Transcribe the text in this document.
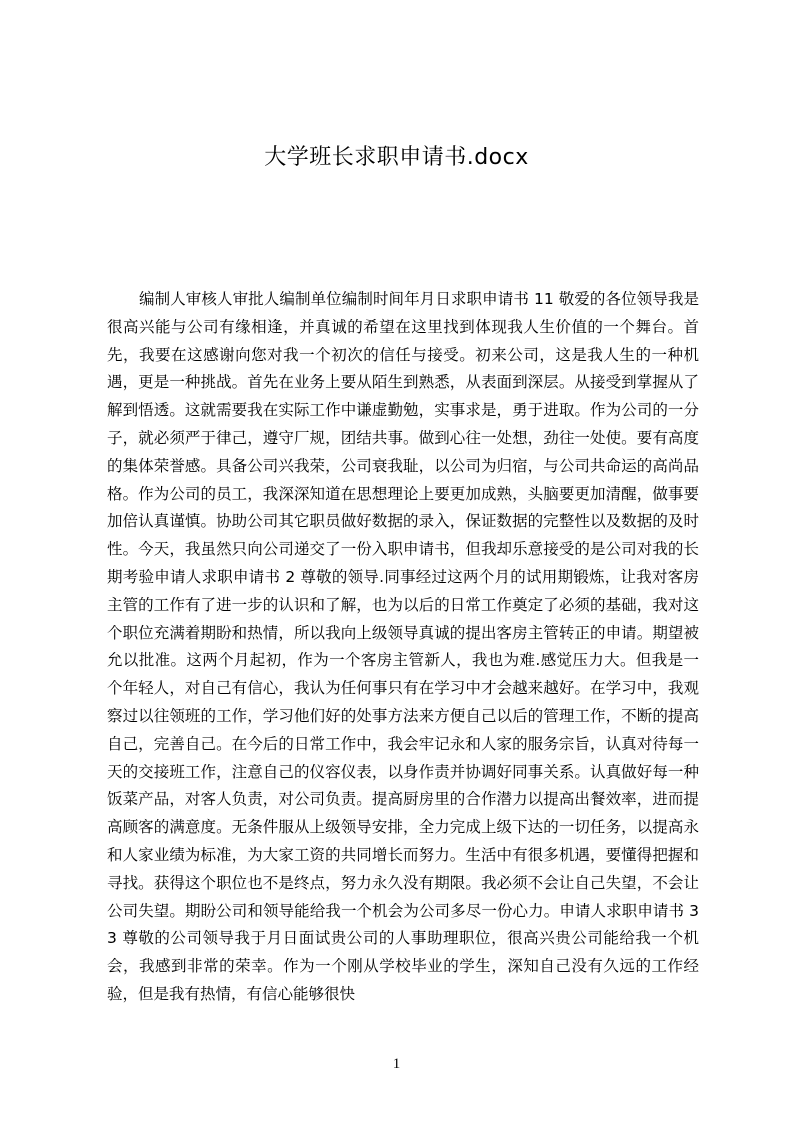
大学班长求职申请书.docx

编制人审核人审批人编制单位编制时间年月日求职申请书 11 敬爱的各位领导我是很高兴能与公司有缘相逢，并真诚的希望在这里找到体现我人生价值的一个舞台。首先，我要在这感谢向您对我一个初次的信任与接受。初来公司，这是我人生的一种机遇，更是一种挑战。首先在业务上要从陌生到熟悉，从表面到深层。从接受到掌握从了解到悟透。这就需要我在实际工作中谦虚勤勉，实事求是，勇于进取。作为公司的一分子，就必须严于律己，遵守厂规，团结共事。做到心往一处想，劲往一处使。要有高度的集体荣誉感。具备公司兴我荣，公司衰我耻，以公司为归宿，与公司共命运的高尚品格。作为公司的员工，我深深知道在思想理论上要更加成熟，头脑要更加清醒，做事要加倍认真谨慎。协助公司其它职员做好数据的录入，保证数据的完整性以及数据的及时性。今天，我虽然只向公司递交了一份入职申请书，但我却乐意接受的是公司对我的长期考验申请人求职申请书 2 尊敬的领导.同事经过这两个月的试用期锻炼，让我对客房主管的工作有了进一步的认识和了解，也为以后的日常工作奠定了必须的基础，我对这个职位充满着期盼和热情，所以我向上级领导真诚的提出客房主管转正的申请。期望被允以批准。这两个月起初，作为一个客房主管新人，我也为难.感觉压力大。但我是一个年轻人，对自己有信心，我认为任何事只有在学习中才会越来越好。在学习中，我观察过以往领班的工作，学习他们好的处事方法来方便自己以后的管理工作，不断的提高自己，完善自己。在今后的日常工作中，我会牢记永和人家的服务宗旨，认真对待每一天的交接班工作，注意自己的仪容仪表，以身作责并协调好同事关系。认真做好每一种饭菜产品，对客人负责，对公司负责。提高厨房里的合作潜力以提高出餐效率，进而提高顾客的满意度。无条件服从上级领导安排，全力完成上级下达的一切任务，以提高永和人家业绩为标准，为大家工资的共同增长而努力。生活中有很多机遇，要懂得把握和寻找。获得这个职位也不是终点，努力永久没有期限。我必须不会让自己失望，不会让公司失望。期盼公司和领导能给我一个机会为公司多尽一份心力。申请人求职申请书 33 尊敬的公司领导我于月日面试贵公司的人事助理职位，很高兴贵公司能给我一个机会，我感到非常的荣幸。作为一个刚从学校毕业的学生，深知自己没有久远的工作经验，但是我有热情，有信心能够很快

1
